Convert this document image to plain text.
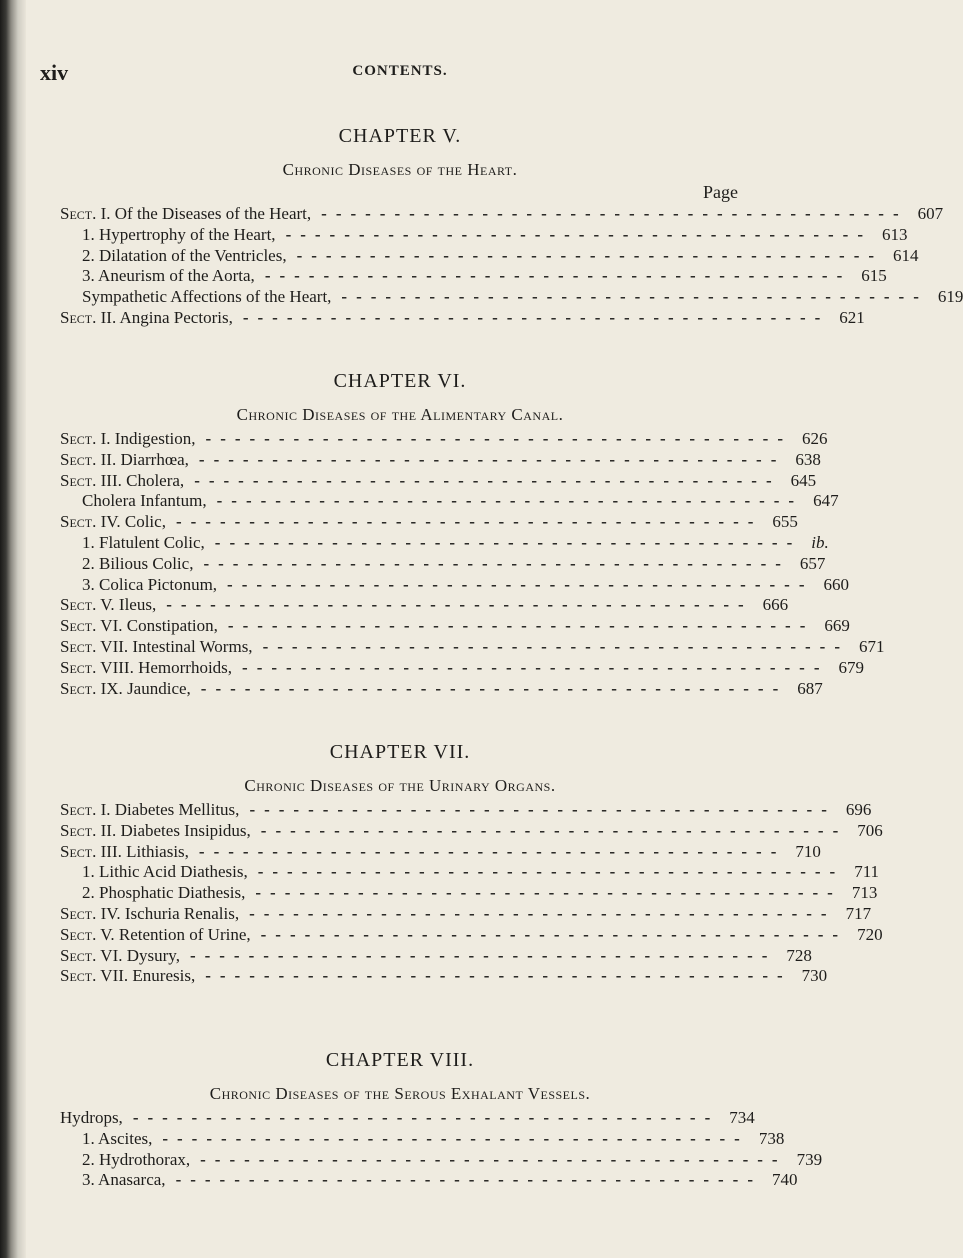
xiv	CONTENTS.
CHAPTER V.
Chronic Diseases of the Heart.
Page
Sect. I. Of the Diseases of the Heart, ---------------------------------------- 607
1. Hypertrophy of the Heart, ---------------------------------------- 613
2. Dilatation of the Ventricles, ---------------------------------------- 614
3. Aneurism of the Aorta, ---------------------------------------- 615
Sympathetic Affections of the Heart, ---------------------------------------- 619
Sect. II. Angina Pectoris, ---------------------------------------- 621
CHAPTER VI.
Chronic Diseases of the Alimentary Canal.
Sect. I. Indigestion, ---------------------------------------- 626
Sect. II. Diarrhœa, ---------------------------------------- 638
Sect. III. Cholera, ---------------------------------------- 645
Cholera Infantum, ---------------------------------------- 647
Sect. IV. Colic, ---------------------------------------- 655
1. Flatulent Colic, ---------------------------------------- ib.
2. Bilious Colic, ---------------------------------------- 657
3. Colica Pictonum, ---------------------------------------- 660
Sect. V. Ileus, ---------------------------------------- 666
Sect. VI. Constipation, ---------------------------------------- 669
Sect. VII. Intestinal Worms, ---------------------------------------- 671
Sect. VIII. Hemorrhoids, ---------------------------------------- 679
Sect. IX. Jaundice, ---------------------------------------- 687
CHAPTER VII.
Chronic Diseases of the Urinary Organs.
Sect. I. Diabetes Mellitus, ---------------------------------------- 696
Sect. II. Diabetes Insipidus, ---------------------------------------- 706
Sect. III. Lithiasis, ---------------------------------------- 710
1. Lithic Acid Diathesis, ---------------------------------------- 711
2. Phosphatic Diathesis, ---------------------------------------- 713
Sect. IV. Ischuria Renalis, ---------------------------------------- 717
Sect. V. Retention of Urine, ---------------------------------------- 720
Sect. VI. Dysury, ---------------------------------------- 728
Sect. VII. Enuresis, ---------------------------------------- 730
CHAPTER VIII.
Chronic Diseases of the Serous Exhalant Vessels.
Hydrops, ---------------------------------------- 734
1. Ascites, ---------------------------------------- 738
2. Hydrothorax, ---------------------------------------- 739
3. Anasarca, ---------------------------------------- 740
